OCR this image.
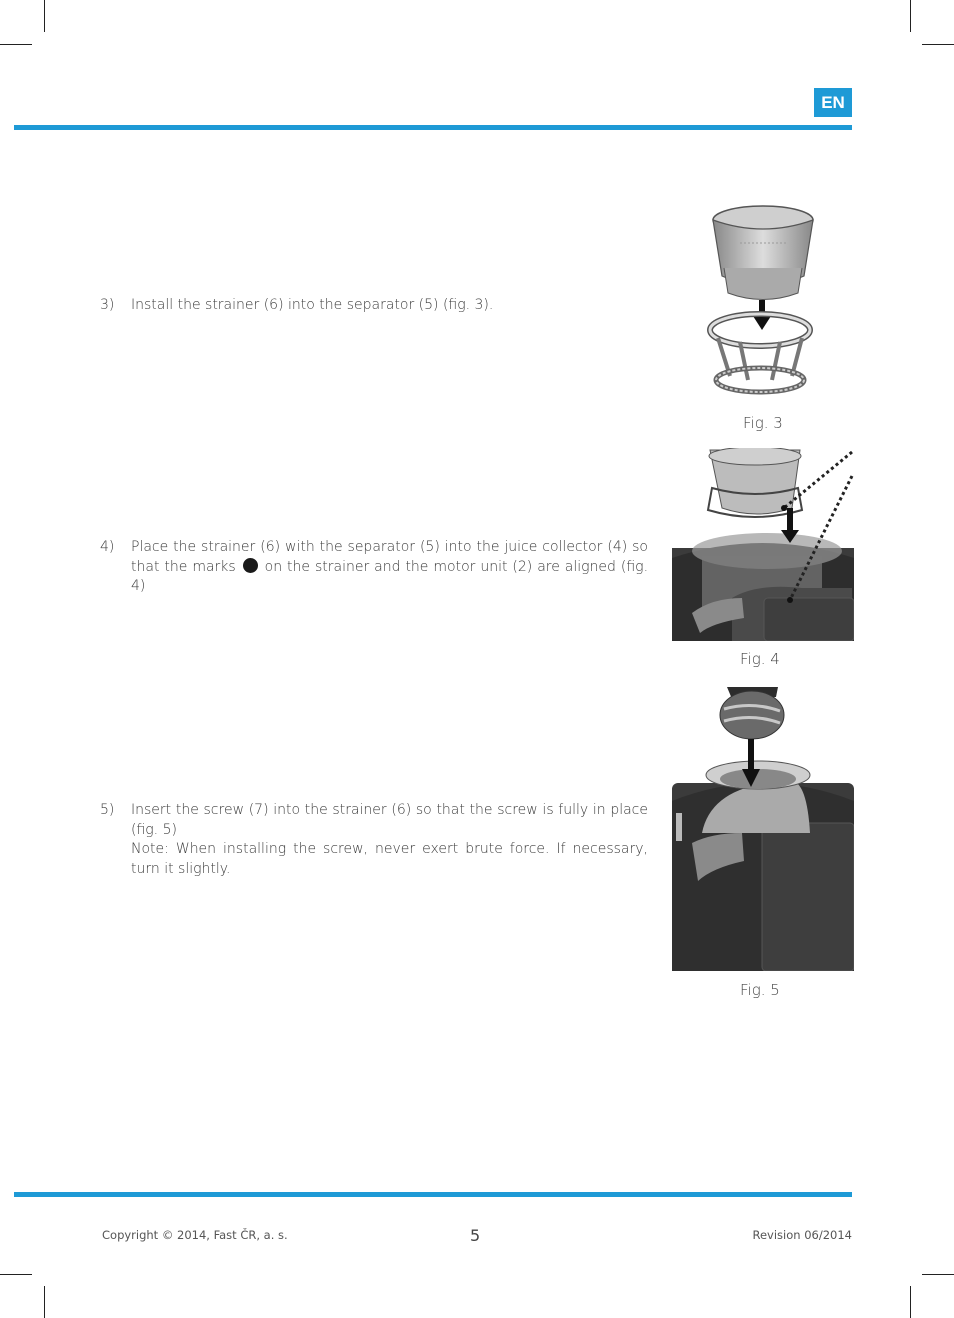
EN
3)	Install the strainer (6) into the separator (5) (fig. 3).
4)	Place the strainer (6) with the separator (5) into the juice collector (4) so that the marks on the strainer and the motor unit (2) are aligned (fig. 4)
5)	Insert the screw (7) into the strainer (6) so that the screw is fully in place (fig. 5)
Note: When installing the screw, never exert brute force. If necessary, turn it slightly.
Fig. 3
Fig. 4
Fig. 5
Copyright © 2014, Fast ČR, a. s.	5	Revision 06/2014
